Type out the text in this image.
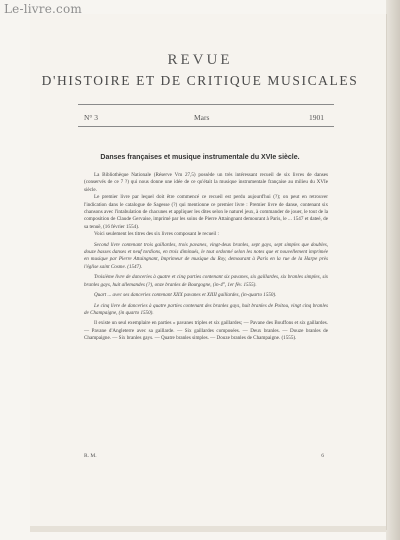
Le-livre.com
REVUE
D'HISTOIRE ET DE CRITIQUE MUSICALES
N° 3	Mars	1901
Danses françaises et musique instrumentale du XVIe siècle.

La Bibliothèque Nationale (Réserve Vm 27,5) possède un très intéressant recueil de six livres de danses (conservés de ce 7 ?) qui nous donne une idée de ce qu'était la musique instrumentale française au milieu du XVIe siècle.

Le premier livre par lequel doit être commencé ce recueil est perdu aujourd'hui (?); on peut en retrouver l'indication dans le catalogue de Sagesse (?) qui mentionne ce premier livre : Premier livre de danse, contenant six chansons avec l'intabulation de chacunes et appliquer les dites selon le naturel jeux, à commander de jouer, le tout de la composition de Claude Gervaise, imprimé par les soins de Pierre Attaingnant demourant à Paris, le ... 1547 et dateé, de sa tenuë, (16 février 1554).

Voici seulement les titres des six livres composant le recueil :

Second livre contenant trois gaillardes, trois pavanes, vingt-deux branles, sept gays, sept simples que doubles, douze basses danses et neuf tordions, en trois diminués, le tout ordonné selon les notes que et nouvellement imprimée en musique par Pierre Attaingnant, Imprimeur de musique du Roy, demourant à Paris en la rue de la Harpe près l'église saint Cosme. (1547).

Troisième livre de danceries à quatre et cinq parties contenant six pavanes, six gaillardes, six branles simples, six branles gays, huit allemandes (?), onze branles de Bourgogne, (in-4°, 1er fév. 1555).

Quart ... avec ses danceries contenant XIIX pavanes et XIIII gaillardes, (in-quarto 1550).

Le cinq livre de danceries à quatre parties contenant des branles gays, huit branles de Poitou, vingt cinq branles de Champaigne, (in quarto 1550).

Il existe un seul exemplaire en parties « pavanes triples et six gaillardes; — Pavane des Bouffons et six gaillardes. — Pavane d'Angleterre avec sa gaillarde. — Six gaillardes composées. — Deux branles. — Douze branles de Champaigne. — Six branles gays. — Quatre branles simples. — Douze branles de Champaigne. (1555).

R. M.	6
